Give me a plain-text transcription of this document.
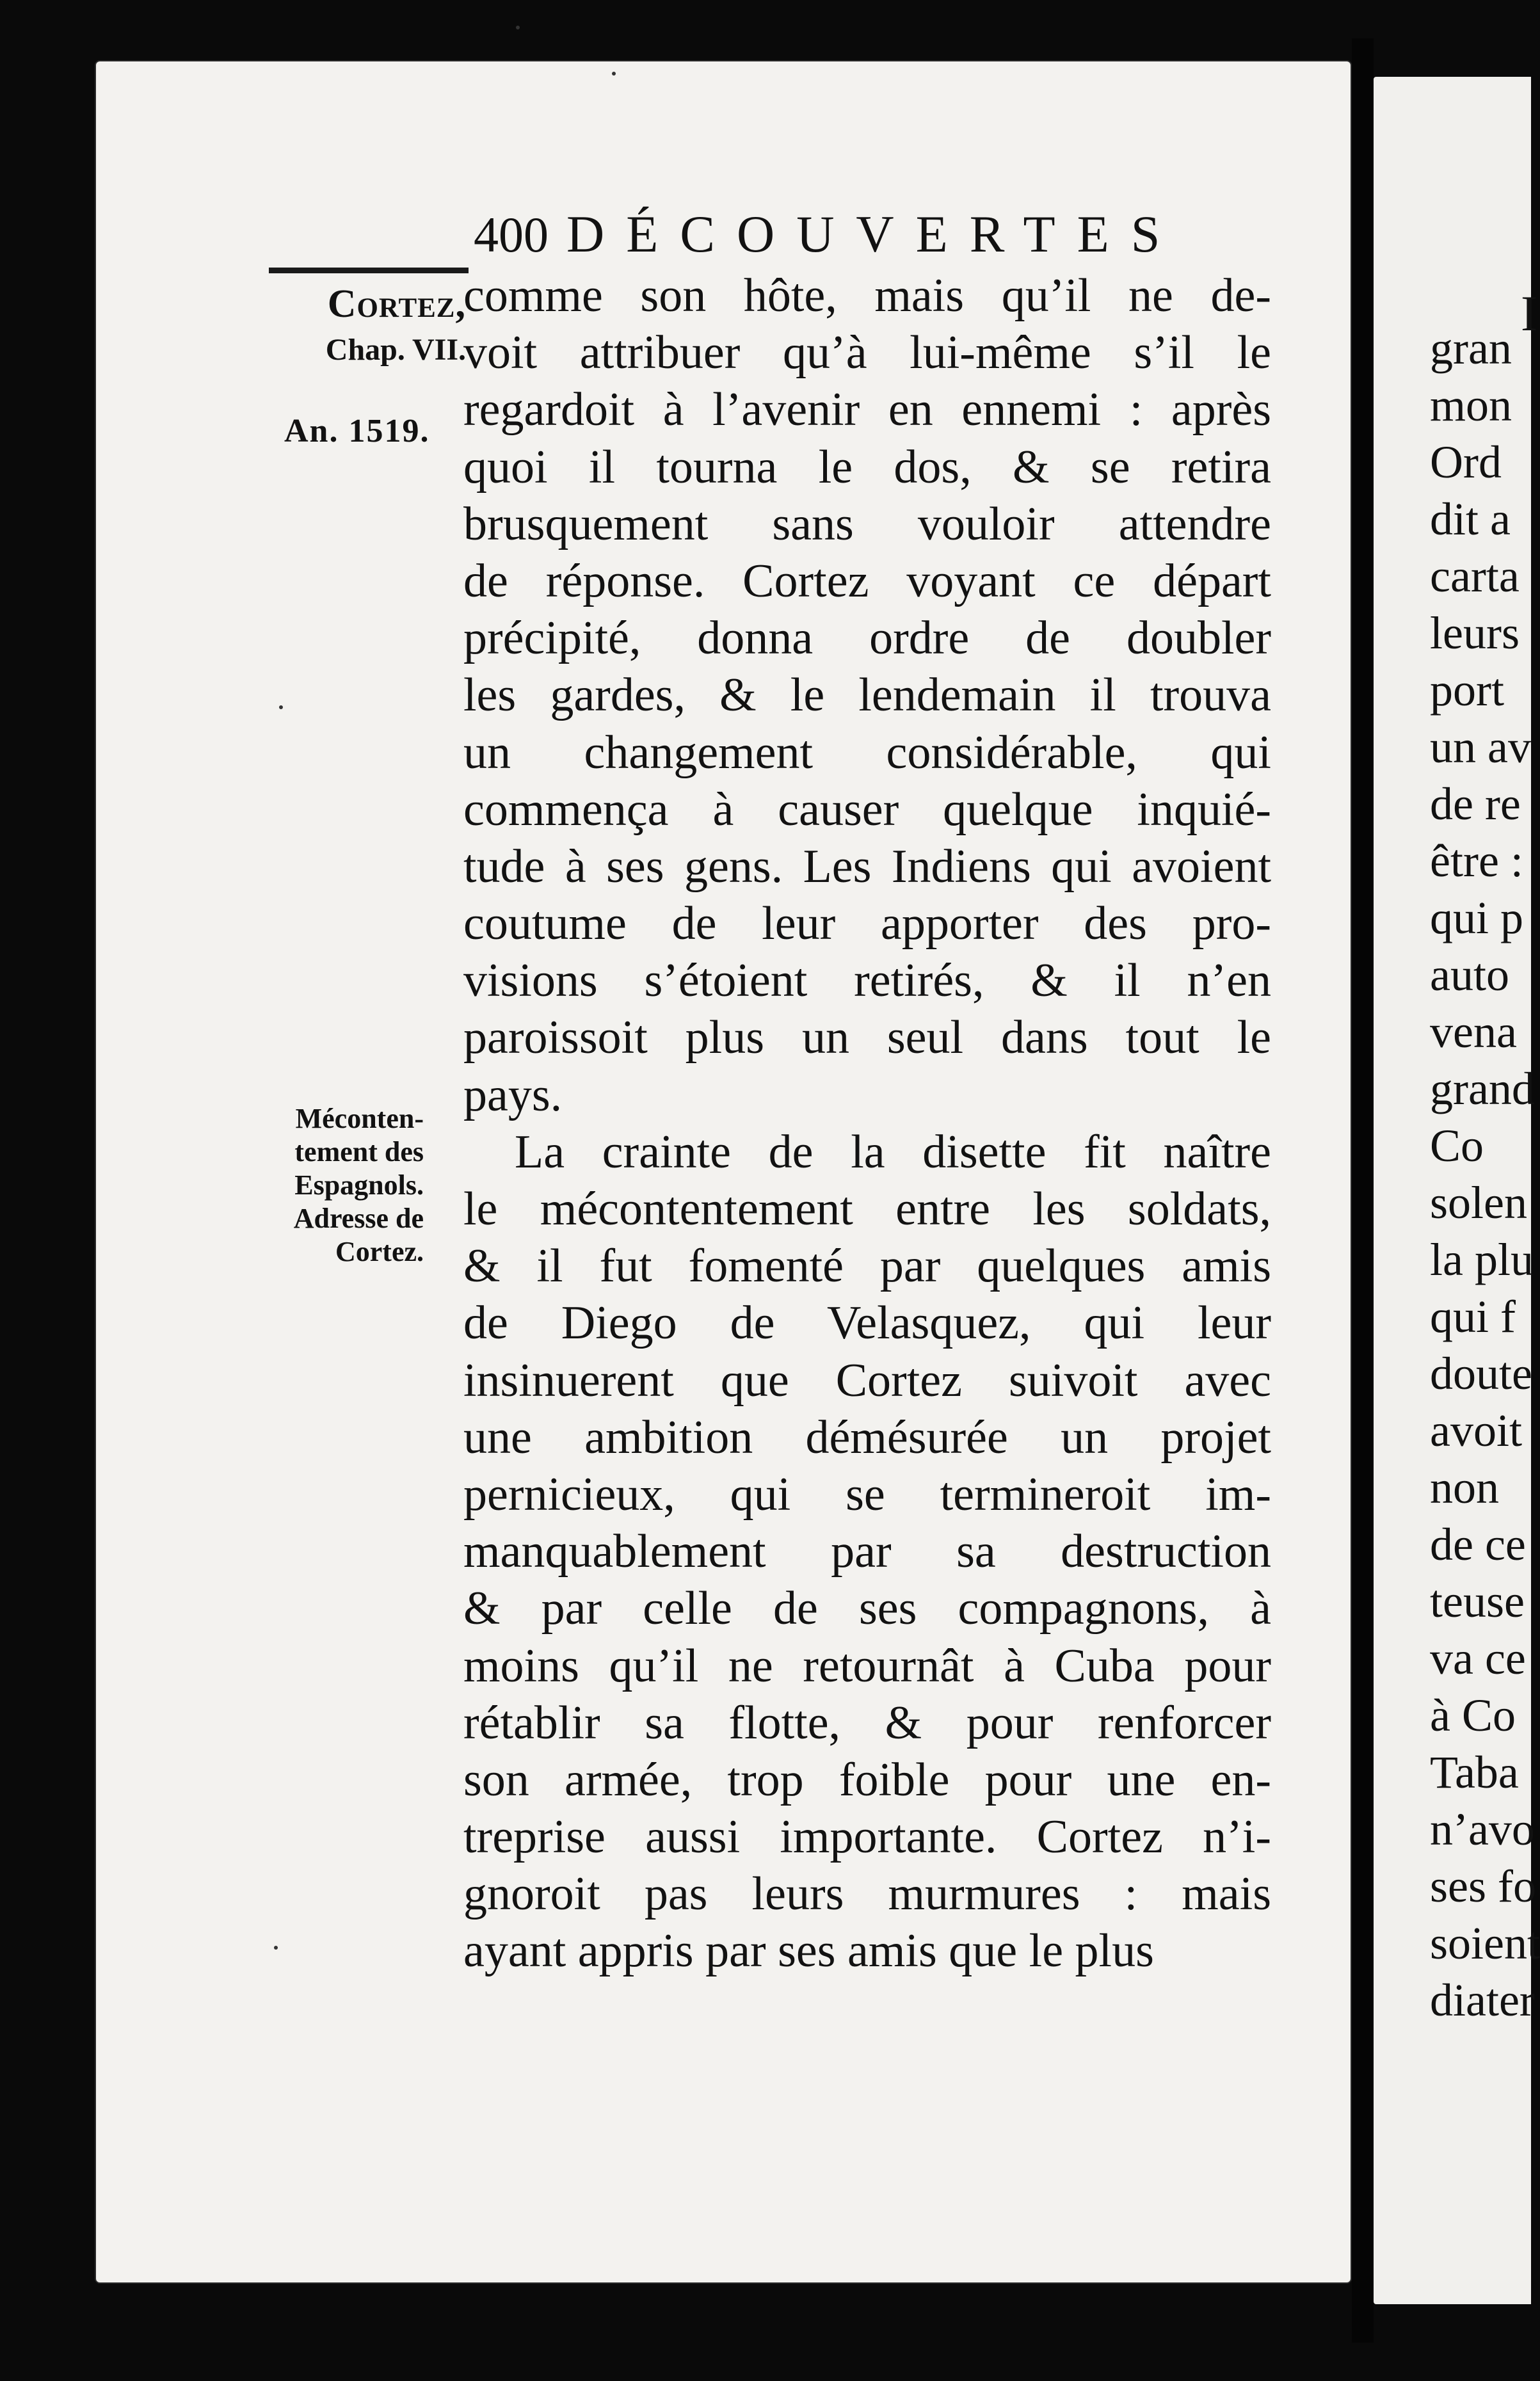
I
gran
mon
Ord
dit a
carta
leurs
port
un av
de re
être :
qui p
auto
vena
grand
Co
solen
la plu
qui f
doute
avoit
non
de ce
teuse
va ce
à Co
Taba
n’avo
ses fo
soient
diater
400 DÉCOUVERTES
Cortez,
Chap. VII.
An. 1519.
Méconten-
tement des
Espagnols.
Adresse de
Cortez.
comme son hôte, mais qu’il ne de-
voit attribuer qu’à lui-même s’il le
regardoit à l’avenir en ennemi : après
quoi il tourna le dos, & se retira
brusquement sans vouloir attendre
de réponse. Cortez voyant ce départ
précipité, donna ordre de doubler
les gardes, & le lendemain il trouva
un changement considérable, qui
commença à causer quelque inquié-
tude à ses gens. Les Indiens qui avoient
coutume de leur apporter des pro-
visions s’étoient retirés, & il n’en
paroissoit plus un seul dans tout le
pays.
La crainte de la disette fit naître
le mécontentement entre les soldats,
& il fut fomenté par quelques amis
de Diego de Velasquez, qui leur
insinuerent que Cortez suivoit avec
une ambition démésurée un projet
pernicieux, qui se termineroit im-
manquablement par sa destruction
& par celle de ses compagnons, à
moins qu’il ne retournât à Cuba pour
rétablir sa flotte, & pour renforcer
son armée, trop foible pour une en-
treprise aussi importante. Cortez n’i-
gnoroit pas leurs murmures : mais
ayant appris par ses amis que le plus
